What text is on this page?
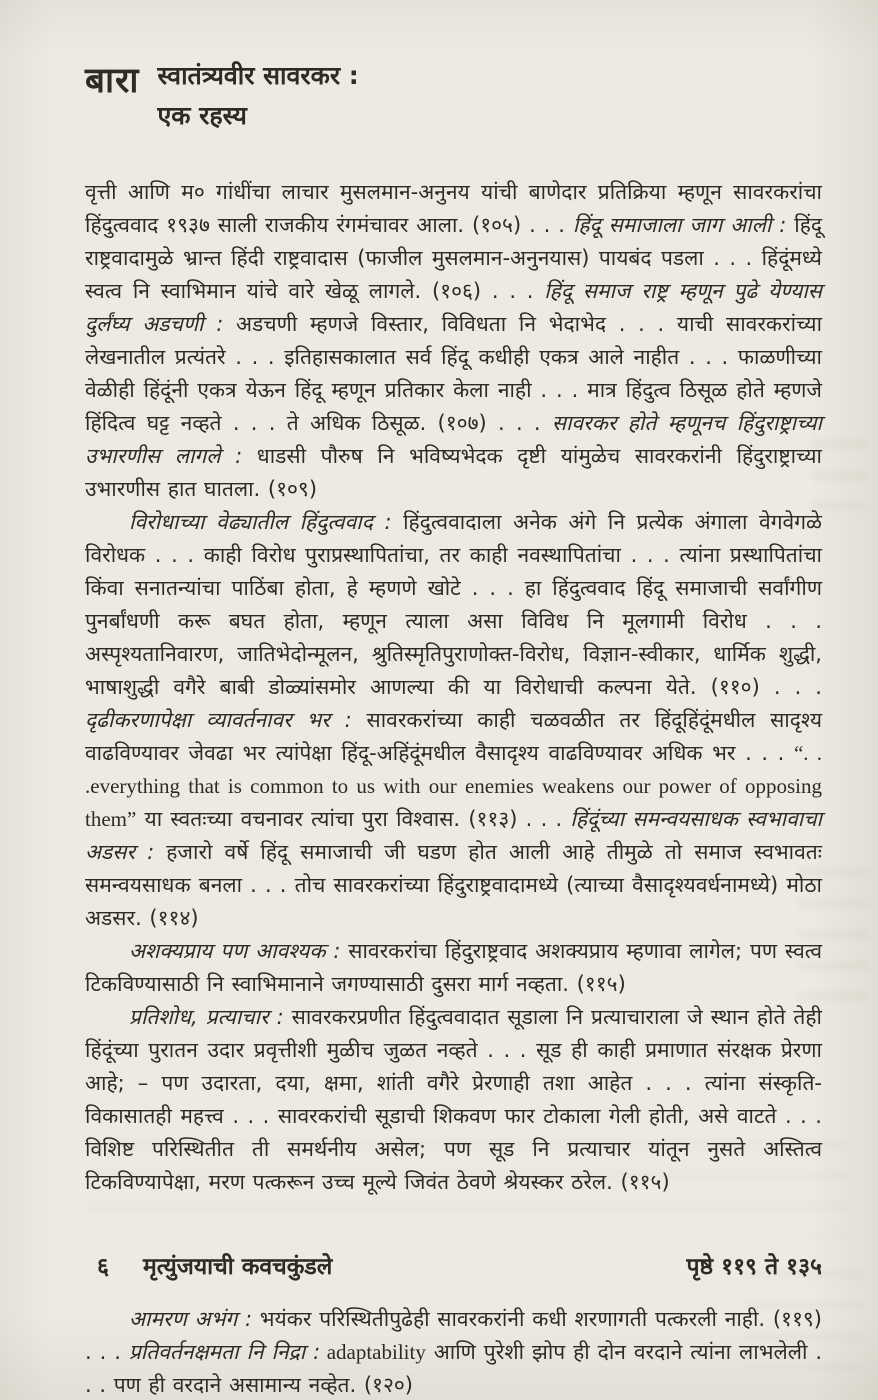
बारा स्वातंत्र्यवीर सावरकर :
एक रहस्य

वृत्ती आणि म० गांधींचा लाचार मुसलमान-अनुनय यांची बाणेदार प्रतिक्रिया म्हणून सावरकरांचा हिंदुत्ववाद १९३७ साली राजकीय रंगमंचावर आला. (१०५) . . . हिंदू समाजाला जाग आली : हिंदू राष्ट्रवादामुळे भ्रान्त हिंदी राष्ट्रवादास (फाजील मुसलमान-अनुनयास) पायबंद पडला . . . हिंदूंमध्ये स्वत्व नि स्वाभिमान यांचे वारे खेळू लागले. (१०६) . . . हिंदू समाज राष्ट्र म्हणून पुढे येण्यास दुर्लंघ्य अडचणी : अडचणी म्हणजे विस्तार, विविधता नि भेदाभेद . . . याची सावरकरांच्या लेखनातील प्रत्यंतरे . . . इतिहासकालात सर्व हिंदू कधीही एकत्र आले नाहीत . . . फाळणीच्या वेळीही हिंदूंनी एकत्र येऊन हिंदू म्हणून प्रतिकार केला नाही . . . मात्र हिंदुत्व ठिसूळ होते म्हणजे हिंदित्व घट्ट नव्हते . . . ते अधिक ठिसूळ. (१०७) . . . सावरकर होते म्हणूनच हिंदुराष्ट्राच्या उभारणीस लागले : धाडसी पौरुष नि भविष्यभेदक दृष्टी यांमुळेच सावरकरांनी हिंदुराष्ट्राच्या उभारणीस हात घातला. (१०९)

विरोधाच्या वेढ्यातील हिंदुत्ववाद : हिंदुत्ववादाला अनेक अंगे नि प्रत्येक अंगाला वेगवेगळे विरोधक . . . काही विरोध पुराप्रस्थापितांचा, तर काही नवस्थापितांचा . . . त्यांना प्रस्थापितांचा किंवा सनातन्यांचा पाठिंबा होता, हे म्हणणे खोटे . . . हा हिंदुत्ववाद हिंदू समाजाची सर्वांगीण पुनर्बांधणी करू बघत होता, म्हणून त्याला असा विविध नि मूलगामी विरोध . . . अस्पृश्यतानिवारण, जातिभेदोन्मूलन, श्रुतिस्मृतिपुराणोक्त-विरोध, विज्ञान-स्वीकार, धार्मिक शुद्धी, भाषाशुद्धी वगैरे बाबी डोळ्यांसमोर आणल्या की या विरोधाची कल्पना येते. (११०) . . . दृढीकरणापेक्षा व्यावर्तनावर भर : सावरकरांच्या काही चळवळीत तर हिंदूहिंदूंमधील सादृश्य वाढविण्यावर जेवढा भर त्यांपेक्षा हिंदू-अहिंदूंमधील वैसादृश्य वाढविण्यावर अधिक भर . . . “. . .everything that is common to us with our enemies weakens our power of opposing them” या स्वतःच्या वचनावर त्यांचा पुरा विश्वास. (११३) . . . हिंदूंच्या समन्वयसाधक स्वभावाचा अडसर : हजारो वर्षे हिंदू समाजाची जी घडण होत आली आहे तीमुळे तो समाज स्वभावतः समन्वयसाधक बनला . . . तोच सावरकरांच्या हिंदुराष्ट्रवादामध्ये (त्याच्या वैसादृश्यवर्धनामध्ये) मोठा अडसर. (११४)

अशक्यप्राय पण आवश्यक : सावरकरांचा हिंदुराष्ट्रवाद अशक्यप्राय म्हणावा लागेल; पण स्वत्व टिकविण्यासाठी नि स्वाभिमानाने जगण्यासाठी दुसरा मार्ग नव्हता. (११५)

प्रतिशोध, प्रत्याचार : सावरकरप्रणीत हिंदुत्ववादात सूडाला नि प्रत्याचाराला जे स्थान होते तेही हिंदूंच्या पुरातन उदार प्रवृत्तीशी मुळीच जुळत नव्हते . . . सूड ही काही प्रमाणात संरक्षक प्रेरणा आहे; – पण उदारता, दया, क्षमा, शांती वगैरे प्रेरणाही तशा आहेत . . . त्यांना संस्कृति-विकासातही महत्त्व . . . सावरकरांची सूडाची शिकवण फार टोकाला गेली होती, असे वाटते . . . विशिष्ट परिस्थितीत ती समर्थनीय असेल; पण सूड नि प्रत्याचार यांतून नुसते अस्तित्व टिकविण्यापेक्षा, मरण पत्करून उच्च मूल्ये जिवंत ठेवणे श्रेयस्कर ठरेल. (११५)

६	मृत्युंजयाची कवचकुंडले	पृष्ठे ११९ ते १३५

आमरण अभंग : भयंकर परिस्थितीपुढेही सावरकरांनी कधी शरणागती पत्करली नाही. (११९) . . . प्रतिवर्तनक्षमता नि निद्रा : adaptability आणि पुरेशी झोप ही दोन वरदाने त्यांना लाभलेली . . . पण ही वरदाने असामान्य नव्हेत. (१२०)
